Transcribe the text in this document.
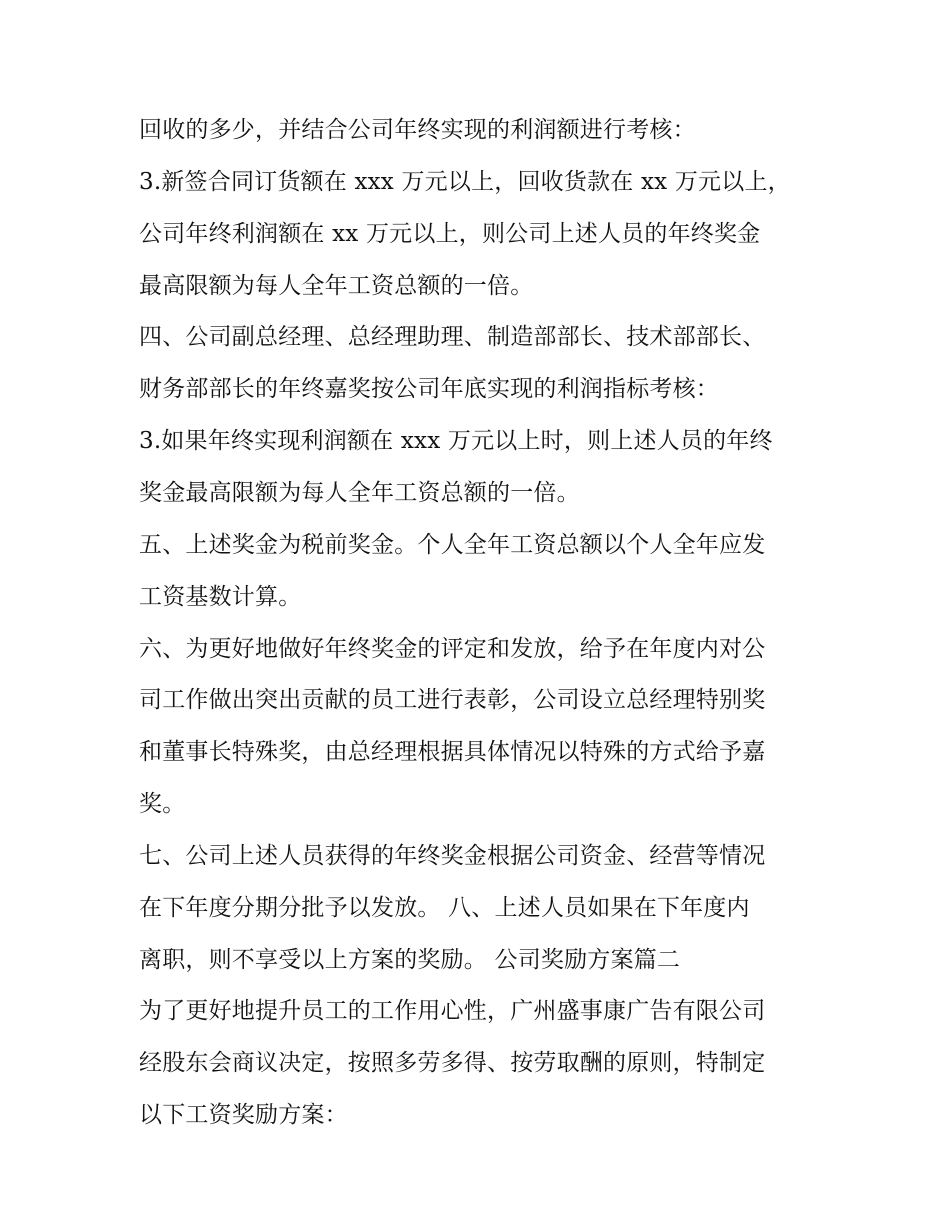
回收的多少，并结合公司年终实现的利润额进行考核：
3.新签合同订货额在 xxx 万元以上，回收货款在 xx 万元以上，
公司年终利润额在 xx 万元以上，则公司上述人员的年终奖金
最高限额为每人全年工资总额的一倍。
四、公司副总经理、总经理助理、制造部部长、技术部部长、
财务部部长的年终嘉奖按公司年底实现的利润指标考核：
3.如果年终实现利润额在 xxx 万元以上时，则上述人员的年终
奖金最高限额为每人全年工资总额的一倍。
五、上述奖金为税前奖金。个人全年工资总额以个人全年应发
工资基数计算。
六、为更好地做好年终奖金的评定和发放，给予在年度内对公
司工作做出突出贡献的员工进行表彰，公司设立总经理特别奖
和董事长特殊奖，由总经理根据具体情况以特殊的方式给予嘉
奖。
七、公司上述人员获得的年终奖金根据公司资金、经营等情况
在下年度分期分批予以发放。 八、上述人员如果在下年度内
离职，则不享受以上方案的奖励。 公司奖励方案篇二
为了更好地提升员工的工作用心性，广州盛事康广告有限公司
经股东会商议决定，按照多劳多得、按劳取酬的原则，特制定
以下工资奖励方案：
